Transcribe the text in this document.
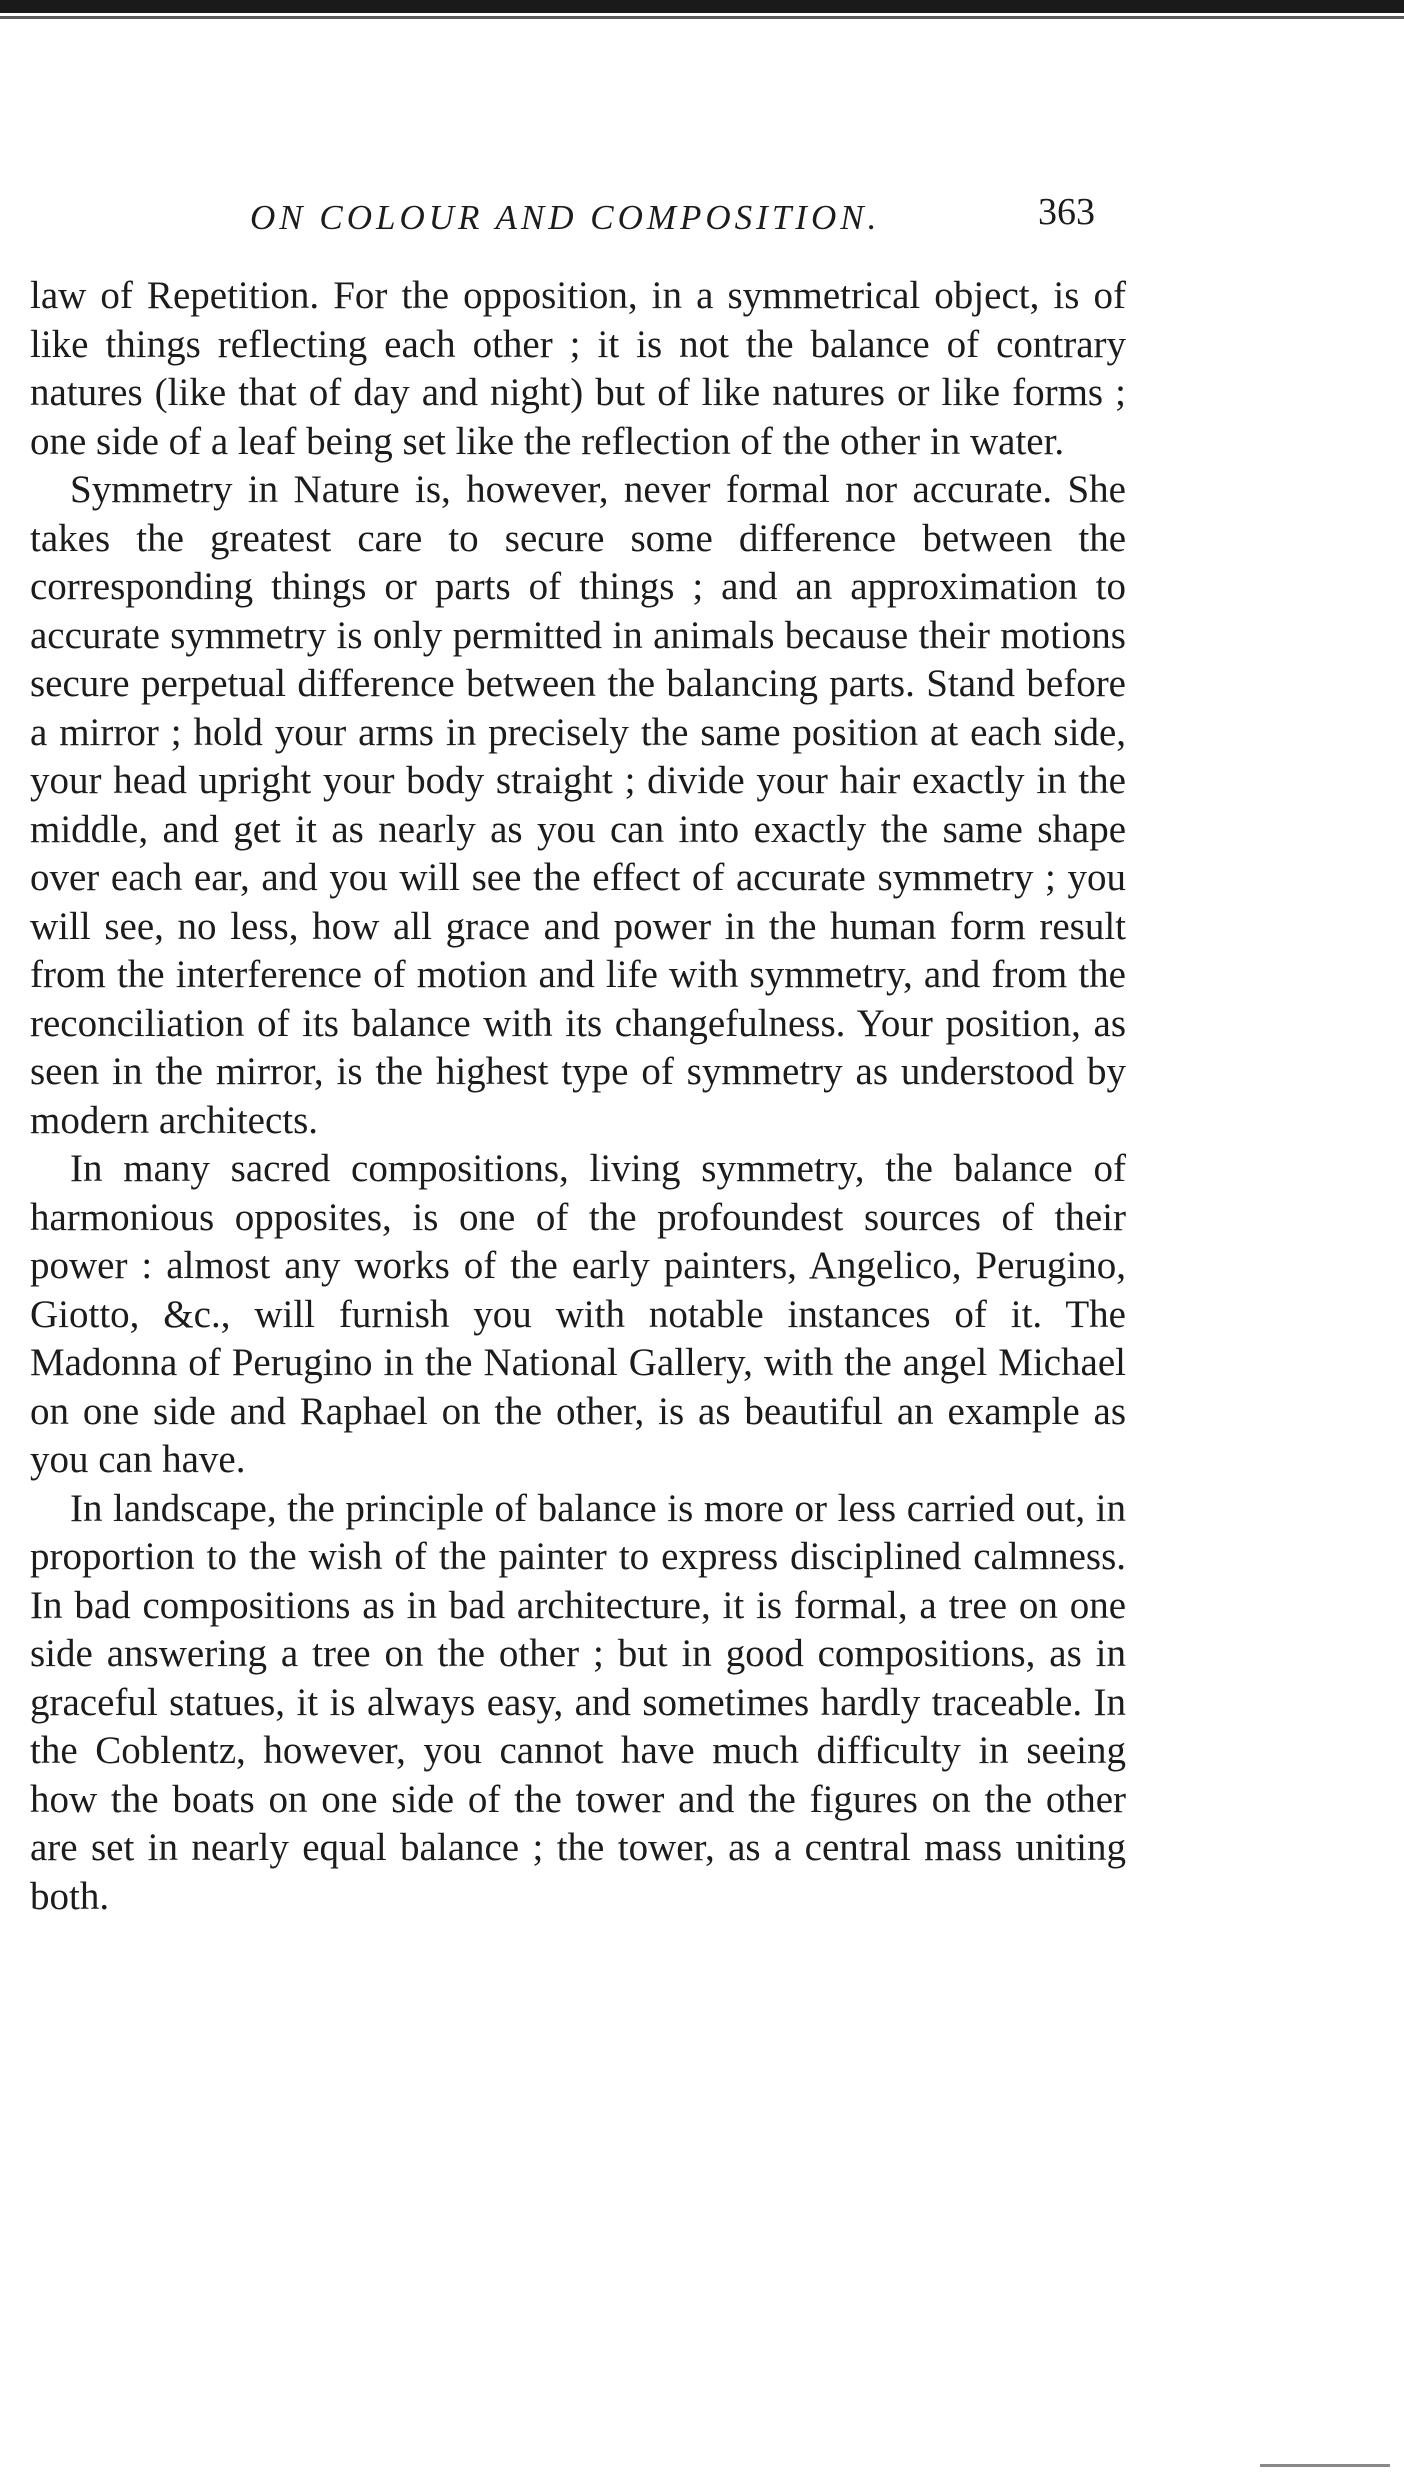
ON COLOUR AND COMPOSITION.	363

law of Repetition. For the opposition, in a symmetrical object, is of like things reflecting each other ; it is not the balance of contrary natures (like that of day and night) but of like natures or like forms ; one side of a leaf being set like the reflection of the other in water.

Symmetry in Nature is, however, never formal nor accurate. She takes the greatest care to secure some difference between the corresponding things or parts of things ; and an approximation to accurate symmetry is only permitted in animals because their motions secure perpetual difference between the balancing parts. Stand before a mirror ; hold your arms in precisely the same position at each side, your head upright your body straight ; divide your hair exactly in the middle, and get it as nearly as you can into exactly the same shape over each ear, and you will see the effect of accurate symmetry ; you will see, no less, how all grace and power in the human form result from the interference of motion and life with symmetry, and from the reconciliation of its balance with its changefulness. Your position, as seen in the mirror, is the highest type of symmetry as understood by modern architects.

In many sacred compositions, living symmetry, the balance of harmonious opposites, is one of the profoundest sources of their power : almost any works of the early painters, Angelico, Perugino, Giotto, &c., will furnish you with notable instances of it. The Madonna of Perugino in the National Gallery, with the angel Michael on one side and Raphael on the other, is as beautiful an example as you can have.

In landscape, the principle of balance is more or less carried out, in proportion to the wish of the painter to express disciplined calmness. In bad compositions as in bad architecture, it is formal, a tree on one side answering a tree on the other ; but in good compositions, as in graceful statues, it is always easy, and sometimes hardly traceable. In the Coblentz, however, you cannot have much difficulty in seeing how the boats on one side of the tower and the figures on the other are set in nearly equal balance ; the tower, as a central mass uniting both.
